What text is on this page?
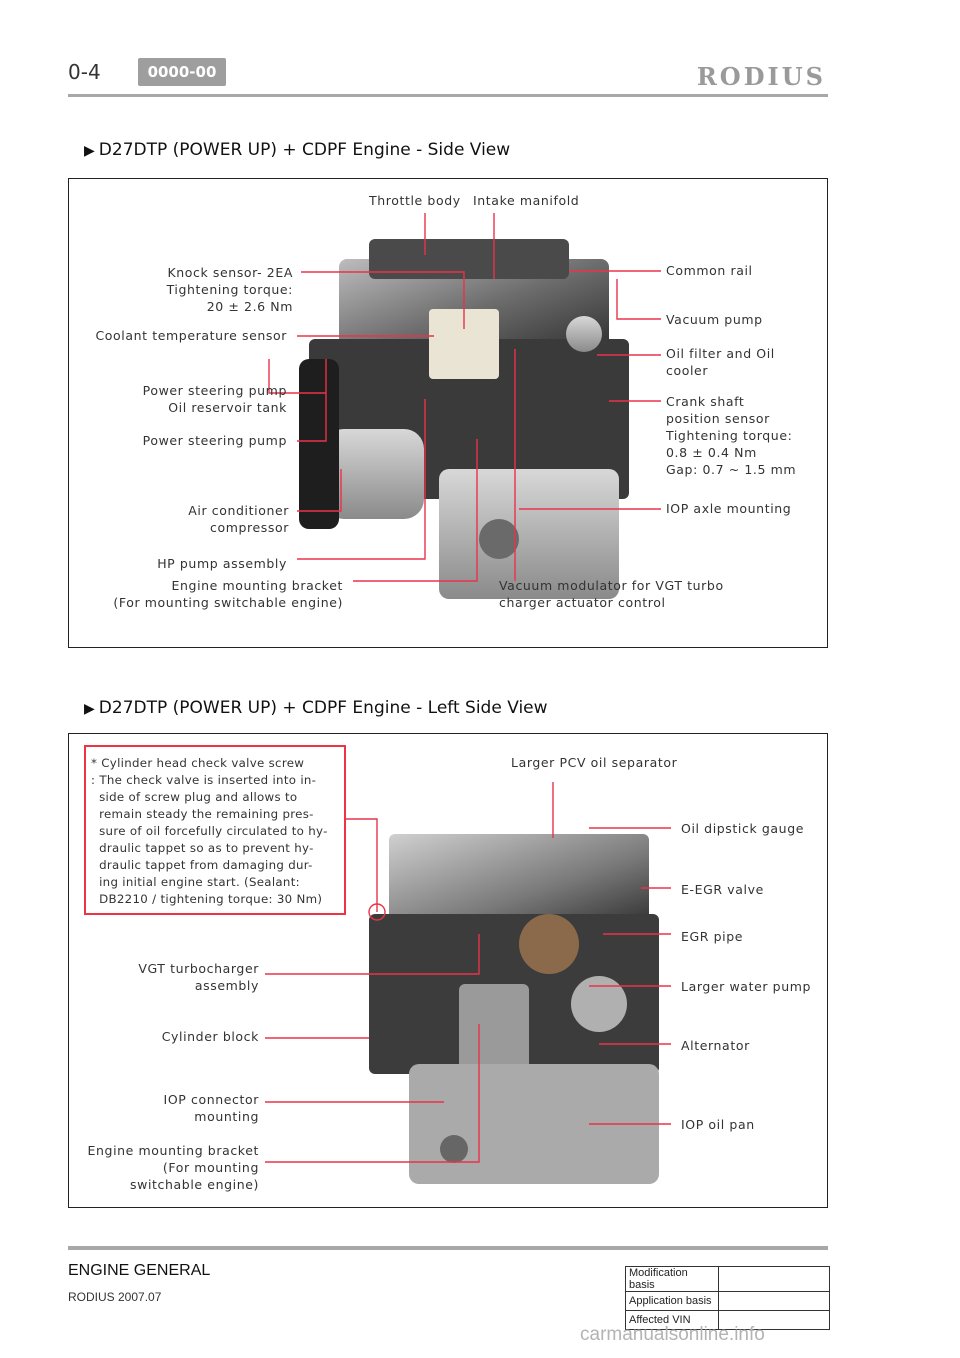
0-4	0000-00	RODIUS
▶ D27DTP (POWER UP) + CDPF Engine - Side View
Throttle body Intake manifold
Knock sensor- 2EA
Tightening torque:
20 ± 2.6 Nm
Coolant temperature sensor
Power steering pump
Oil reservoir tank
Power steering pump
Air conditioner
compressor
HP pump assembly
Engine mounting bracket
(For mounting switchable engine)
Common rail
Vacuum pump
Oil filter and Oil
cooler
Crank shaft
position sensor
Tightening torque:
0.8 ± 0.4 Nm
Gap: 0.7 ~ 1.5 mm
IOP axle mounting
Vacuum modulator for VGT turbo
charger actuator control
▶ D27DTP (POWER UP) + CDPF Engine - Left Side View
Larger PCV oil separator
Oil dipstick gauge
E-EGR valve
EGR pipe
Larger water pump
Alternator
IOP oil pan
VGT turbocharger
assembly
Cylinder block
IOP connector
mounting
Engine mounting bracket
(For mounting
switchable engine)
* Cylinder head check valve screw
: The check valve is inserted into in-
side of screw plug and allows to
remain steady the remaining pres-
sure of oil forcefully circulated to hy-
draulic tappet so as to prevent hy-
draulic tappet from damaging dur-
ing initial engine start. (Sealant:
DB2210 / tightening torque: 30 Nm)
ENGINE GENERAL
RODIUS 2007.07
Modification basis	
Application basis	
Affected VIN	
carmanualsonline.info
